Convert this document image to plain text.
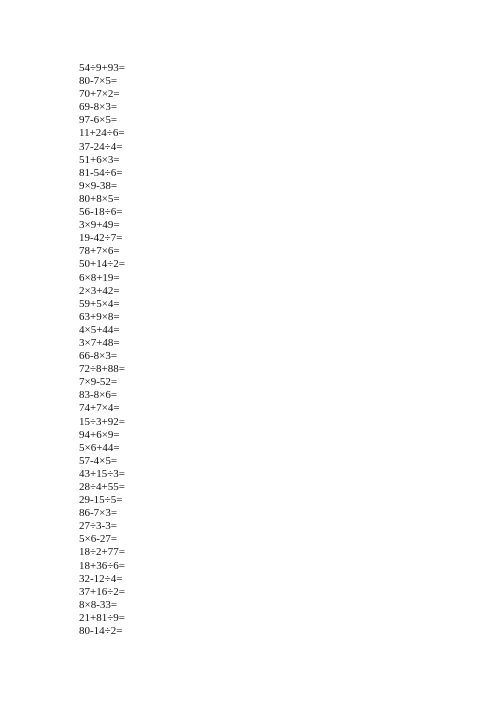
54÷9+93=
80-7×5=
70+7×2=
69-8×3=
97-6×5=
11+24÷6=
37-24÷4=
51+6×3=
81-54÷6=
9×9-38=
80+8×5=
56-18÷6=
3×9+49=
19-42÷7=
78+7×6=
50+14÷2=
6×8+19=
2×3+42=
59+5×4=
63+9×8=
4×5+44=
3×7+48=
66-8×3=
72÷8+88=
7×9-52=
83-8×6=
74+7×4=
15÷3+92=
94+6×9=
5×6+44=
57-4×5=
43+15÷3=
28÷4+55=
29-15÷5=
86-7×3=
27÷3-3=
5×6-27=
18÷2+77=
18+36÷6=
32-12÷4=
37+16÷2=
8×8-33=
21+81÷9=
80-14÷2=
